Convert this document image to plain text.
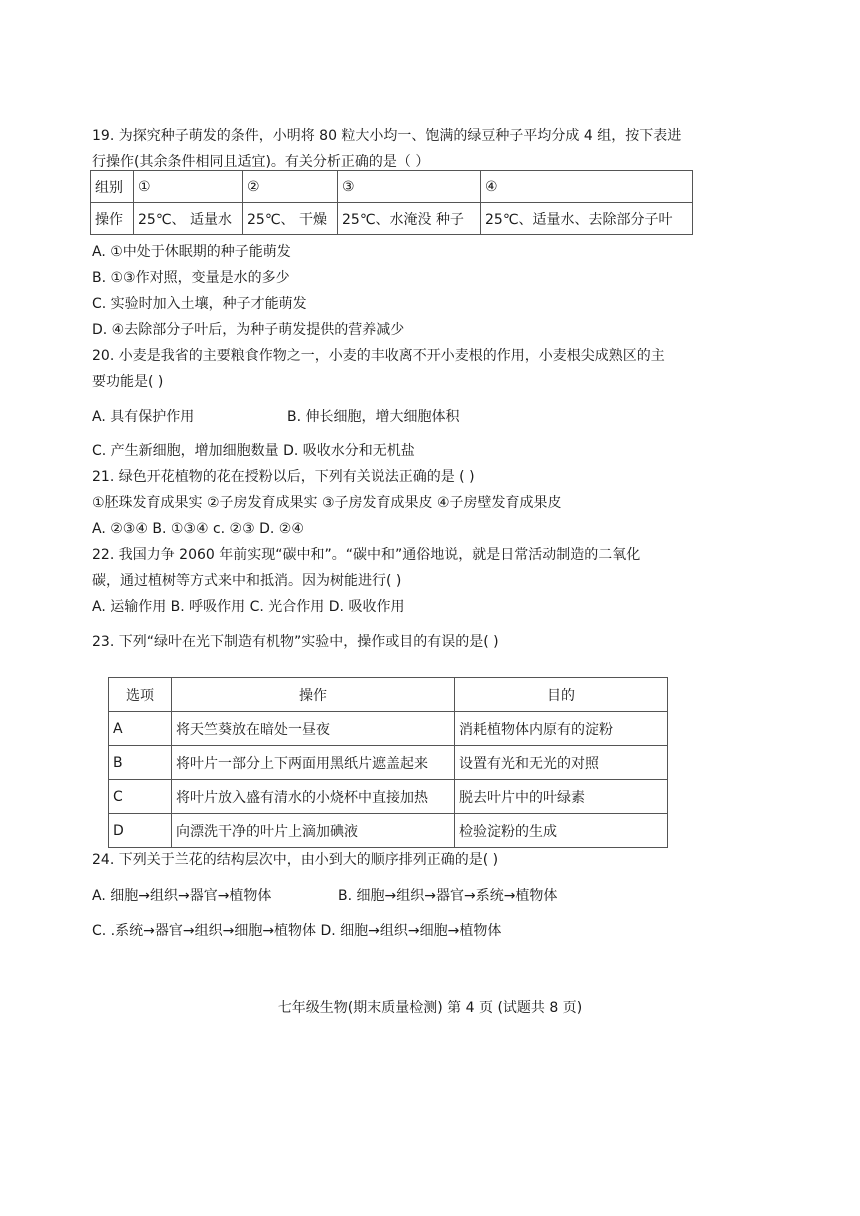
19. 为探究种子萌发的条件，小明将 80 粒大小均一、饱满的绿豆种子平均分成 4 组，按下表进
行操作(其余条件相同且适宜)。有关分析正确的是（ ）
组别	①	②	③	④
操作	25℃、 适量水	25℃、 干燥	25℃、水淹没 种子	25℃、适量水、去除部分子叶
A. ①中处于休眠期的种子能萌发
B. ①③作对照，变量是水的多少
C. 实验时加入土壤，种子才能萌发
D. ④去除部分子叶后，为种子萌发提供的营养减少
20. 小麦是我省的主要粮食作物之一，小麦的丰收离不开小麦根的作用，小麦根尖成熟区的主
要功能是( )
A. 具有保护作用	B. 伸长细胞，增大细胞体积
C. 产生新细胞，增加细胞数量 D. 吸收水分和无机盐
21. 绿色开花植物的花在授粉以后，下列有关说法正确的是 ( )
①胚珠发育成果实 ②子房发育成果实 ③子房发育成果皮 ④子房壁发育成果皮
A. ②③④ B. ①③④ c. ②③ D. ②④
22. 我国力争 2060 年前实现“碳中和”。“碳中和”通俗地说，就是日常活动制造的二氧化
碳，通过植树等方式来中和抵消。因为树能进行( )
A. 运输作用 B. 呼吸作用 C. 光合作用 D. 吸收作用
23. 下列“绿叶在光下制造有机物”实验中，操作或目的有误的是( )
选项	操作	目的
A	将天竺葵放在暗处一昼夜	消耗植物体内原有的淀粉
B	将叶片一部分上下两面用黑纸片遮盖起来	设置有光和无光的对照
C	将叶片放入盛有清水的小烧杯中直接加热	脱去叶片中的叶绿素
D	向漂洗干净的叶片上滴加碘液	检验淀粉的生成
24. 下列关于兰花的结构层次中，由小到大的顺序排列正确的是( )
A. 细胞→组织→器官→植物体	B. 细胞→组织→器官→系统→植物体
C. .系统→器官→组织→细胞→植物体 D. 细胞→组织→细胞→植物体
七年级生物(期末质量检测) 第 4 页 (试题共 8 页)
